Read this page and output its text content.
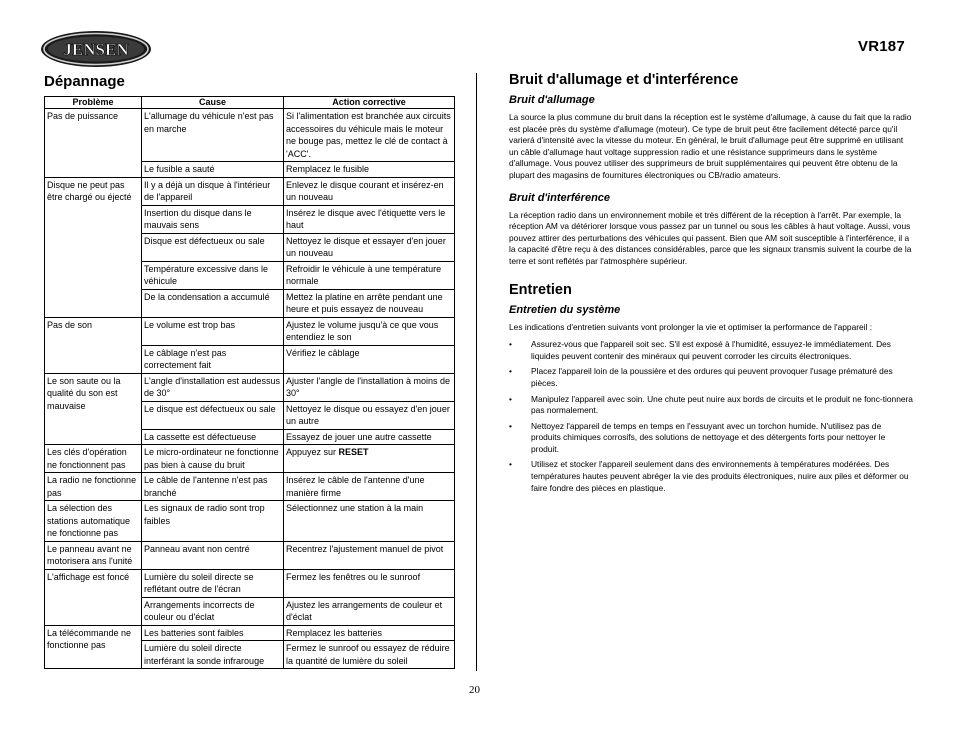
JENSEN	VR187
Dépannage
Problème	Cause	Action corrective
Pas de puissance	L'allumage du véhicule n'est pas en marche	Si l'alimentation est branchée aux circuits accessoires du véhicule mais le moteur ne bouge pas, mettez le clé de contact à 'ACC'.
	Le fusible a sauté	Remplacez le fusible
Disque ne peut pas être chargé ou éjecté	Il y a déjà un disque à l'intérieur de l'appareil	Enlevez le disque courant et insérez-en un nouveau
	Insertion du disque dans le mauvais sens	Insérez le disque avec l'étiquette vers le haut
	Disque est défectueux ou sale	Nettoyez le disque et essayer d'en jouer un nouveau
	Température excessive dans le véhicule	Refroidir le véhicule à une température normale
	De la condensation a accumulé	Mettez la platine en arrête pendant une heure et puis essayez de nouveau
Pas de son	Le volume est trop bas	Ajustez le volume jusqu'à ce que vous entendiez le son
	Le câblage n'est pas correctement fait	Vérifiez le câblage
Le son saute ou la qualité du son est mauvaise	L'angle d'installation est audessus de 30°	Ajuster l'angle de l'installation à moins de 30°
	Le disque est défectueux ou sale	Nettoyez le disque ou essayez d'en jouer un autre
	La cassette est défectueuse	Essayez de jouer une autre cassette
Les clés d'opération ne fonctionnent pas	Le micro-ordinateur ne fonctionne pas bien à cause du bruit	Appuyez sur RESET
La radio ne fonctionne pas	Le câble de l'antenne n'est pas branché	Insérez le câble de l'antenne d'une manière firme
La sélection des stations automatique ne fonctionne pas	Les signaux de radio sont trop faibles	Sélectionnez une station à la main
Le panneau avant ne motorisera ans l'unité	Panneau avant non centré	Recentrez l'ajustement manuel de pivot
L'affichage est foncé	Lumière du soleil directe se reflétant outre de l'écran	Fermez les fenêtres ou le sunroof
	Arrangements incorrects de couleur ou d'éclat	Ajustez les arrangements de couleur et d'éclat
La télécommande ne fonctionne pas	Les batteries sont faibles	Remplacez les batteries
	Lumière du soleil directe interférant la sonde infrarouge	Fermez le sunroof ou essayez de réduire la quantité de lumière du soleil
Bruit d'allumage et d'interférence
Bruit d'allumage

La source la plus commune du bruit dans la réception est le système d'allumage, à cause du fait que la radio est placée près du système d'allumage (moteur). Ce type de bruit peut être facilement détecté parce qu'il varierá d'intensité avec la vitesse du moteur. En général, le bruit d'allumage peut être supprimé en utilisant un câble d'allumage haut voltage suppression radio et une résistance supprimeurs dans le système d'allumage. Vous pouvez utiliser des supprimeurs de bruit supplémentaires qui peuvent être obtenu de la plupart des magasins de fournitures électroniques ou CB/radio amateurs.

Bruit d'interférence

La réception radio dans un environnement mobile et très différent de la réception à l'arrêt. Par exemple, la réception AM va détériorer lorsque vous passez par un tunnel ou sous les câbles à haut voltage. Aussi, vous pouvez attirer des perturbations des véhicules qui passent. Bien que AM soit susceptible à l'interférence, il a la capacité d'être reçu à des distances considérables, parce que les signaux transmis suivent la courbe de la terre et sont reflétés par l'atmosphère supérieur.

Entretien
Entretien du système

Les indications d'entretien suivants vont prolonger la vie et optimiser la performance de l'appareil :

• Assurez-vous que l'appareil soit sec. S'il est exposé à l'humidité, essuyez-le immédiatement. Des liquides peuvent contenir des minéraux qui peuvent corroder les circuits électroniques.
• Placez l'appareil loin de la poussière et des ordures qui peuvent provoquer l'usage prématuré des pièces.
• Manipulez l'appareil avec soin. Une chute peut nuire aux bords de circuits et le produit ne fonc-tionnera pas normalement.
• Nettoyez l'appareil de temps en temps en l'essuyant avec un torchon humide. N'utilisez pas de produits chimiques corrosifs, des solutions de nettoyage et des détergents forts pour nettoyer le produit.
• Utilisez et stocker l'appareil seulement dans des environnements à températures modérées. Des températures hautes peuvent abréger la vie des produits électroniques, nuire aux piles et déformer ou faire fondre des pièces en plastique.
20
